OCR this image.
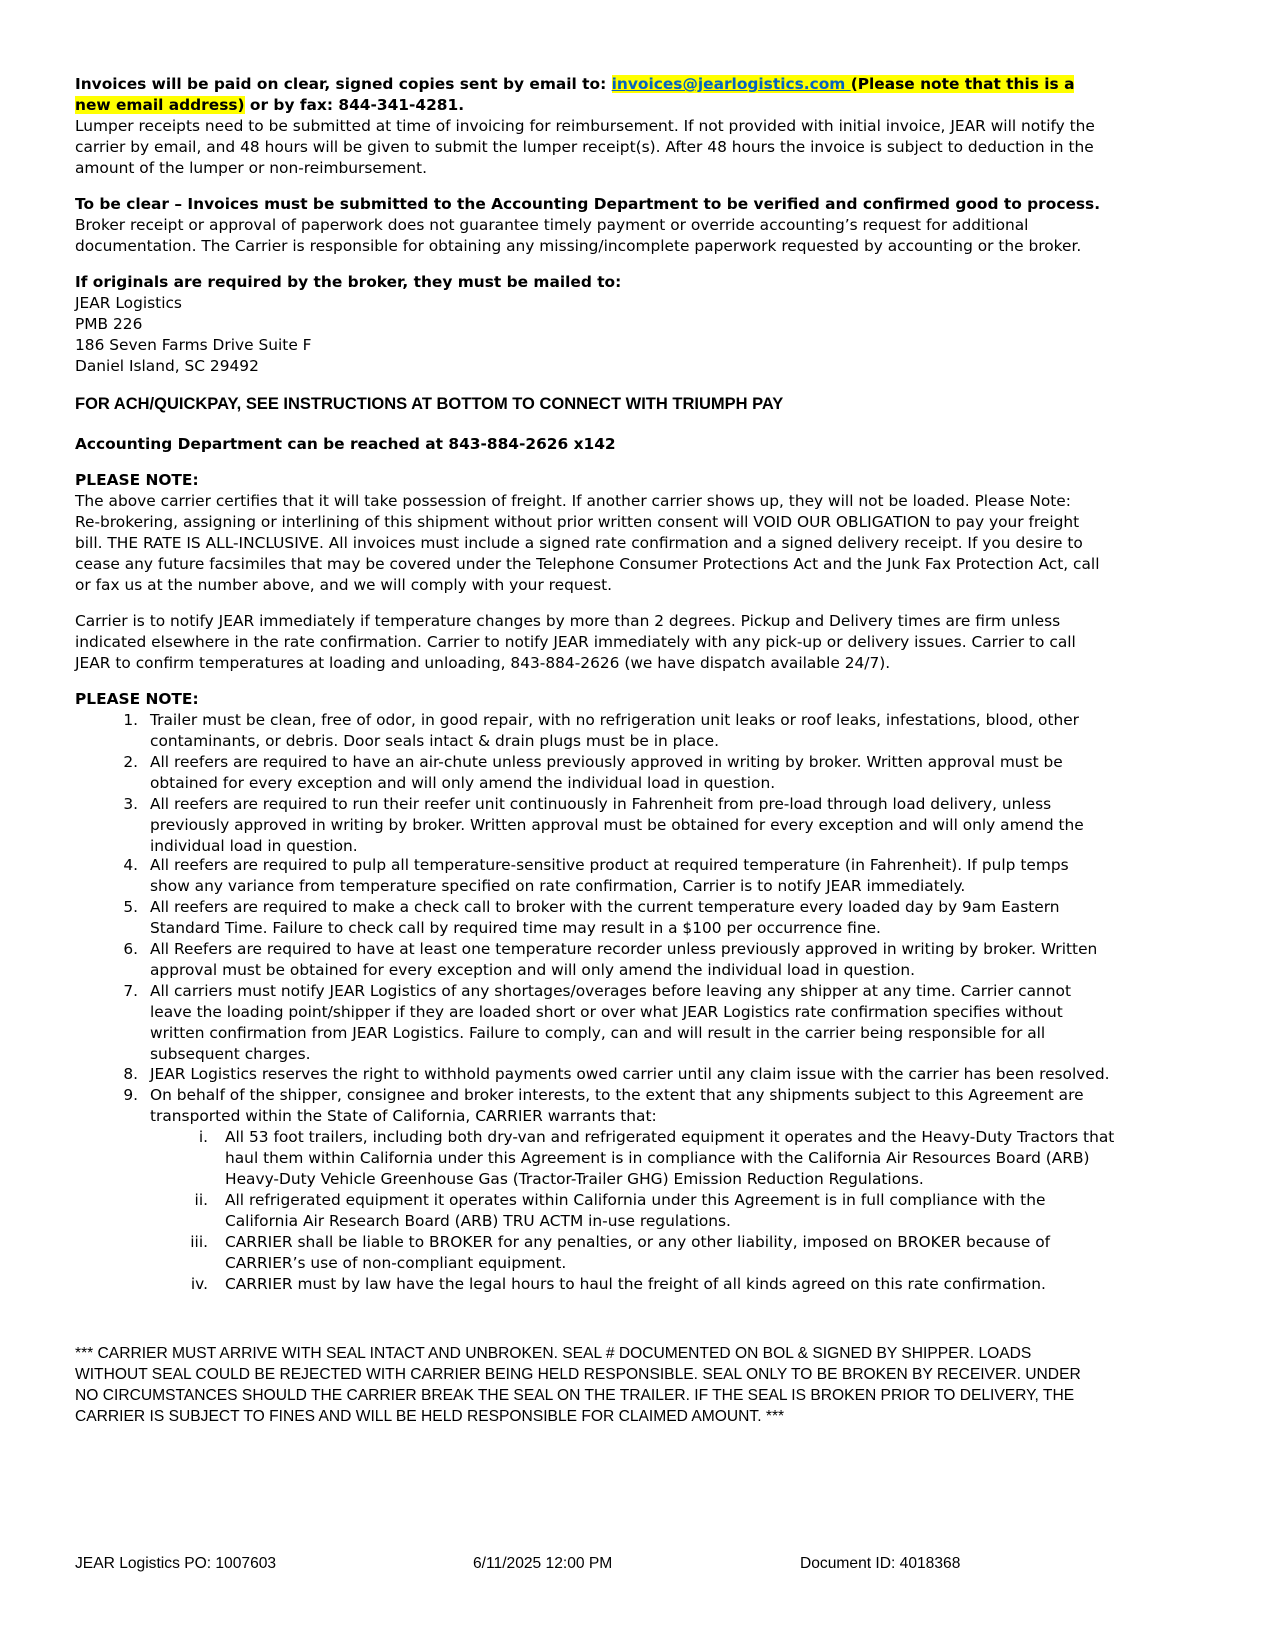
Invoices will be paid on clear, signed copies sent by email to: invoices@jearlogistics.com (Please note that this is a
new email address) or by fax: 844-341-4281.
Lumper receipts need to be submitted at time of invoicing for reimbursement. If not provided with initial invoice, JEAR will notify the
carrier by email, and 48 hours will be given to submit the lumper receipt(s). After 48 hours the invoice is subject to deduction in the
amount of the lumper or non-reimbursement.
To be clear – Invoices must be submitted to the Accounting Department to be verified and confirmed good to process.
Broker receipt or approval of paperwork does not guarantee timely payment or override accounting’s request for additional
documentation. The Carrier is responsible for obtaining any missing/incomplete paperwork requested by accounting or the broker.
If originals are required by the broker, they must be mailed to:
JEAR Logistics
PMB 226
186 Seven Farms Drive Suite F
Daniel Island, SC 29492
FOR ACH/QUICKPAY, SEE INSTRUCTIONS AT BOTTOM TO CONNECT WITH TRIUMPH PAY
Accounting Department can be reached at 843-884-2626 x142
PLEASE NOTE:
The above carrier certifies that it will take possession of freight. If another carrier shows up, they will not be loaded. Please Note:
Re-brokering, assigning or interlining of this shipment without prior written consent will VOID OUR OBLIGATION to pay your freight
bill. THE RATE IS ALL-INCLUSIVE. All invoices must include a signed rate confirmation and a signed delivery receipt. If you desire to
cease any future facsimiles that may be covered under the Telephone Consumer Protections Act and the Junk Fax Protection Act, call
or fax us at the number above, and we will comply with your request.
Carrier is to notify JEAR immediately if temperature changes by more than 2 degrees. Pickup and Delivery times are firm unless
indicated elsewhere in the rate confirmation. Carrier to notify JEAR immediately with any pick-up or delivery issues. Carrier to call
JEAR to confirm temperatures at loading and unloading, 843-884-2626 (we have dispatch available 24/7).
PLEASE NOTE:
1. Trailer must be clean, free of odor, in good repair, with no refrigeration unit leaks or roof leaks, infestations, blood, other
contaminants, or debris. Door seals intact & drain plugs must be in place.
2. All reefers are required to have an air-chute unless previously approved in writing by broker. Written approval must be
obtained for every exception and will only amend the individual load in question.
3. All reefers are required to run their reefer unit continuously in Fahrenheit from pre-load through load delivery, unless
previously approved in writing by broker. Written approval must be obtained for every exception and will only amend the
individual load in question.
4. All reefers are required to pulp all temperature-sensitive product at required temperature (in Fahrenheit). If pulp temps
show any variance from temperature specified on rate confirmation, Carrier is to notify JEAR immediately.
5. All reefers are required to make a check call to broker with the current temperature every loaded day by 9am Eastern
Standard Time. Failure to check call by required time may result in a $100 per occurrence fine.
6. All Reefers are required to have at least one temperature recorder unless previously approved in writing by broker. Written
approval must be obtained for every exception and will only amend the individual load in question.
7. All carriers must notify JEAR Logistics of any shortages/overages before leaving any shipper at any time. Carrier cannot
leave the loading point/shipper if they are loaded short or over what JEAR Logistics rate confirmation specifies without
written confirmation from JEAR Logistics. Failure to comply, can and will result in the carrier being responsible for all
subsequent charges.
8. JEAR Logistics reserves the right to withhold payments owed carrier until any claim issue with the carrier has been resolved.
9. On behalf of the shipper, consignee and broker interests, to the extent that any shipments subject to this Agreement are
transported within the State of California, CARRIER warrants that:
i. All 53 foot trailers, including both dry-van and refrigerated equipment it operates and the Heavy-Duty Tractors that
haul them within California under this Agreement is in compliance with the California Air Resources Board (ARB)
Heavy-Duty Vehicle Greenhouse Gas (Tractor-Trailer GHG) Emission Reduction Regulations.
ii. All refrigerated equipment it operates within California under this Agreement is in full compliance with the
California Air Research Board (ARB) TRU ACTM in-use regulations.
iii. CARRIER shall be liable to BROKER for any penalties, or any other liability, imposed on BROKER because of
CARRIER’s use of non-compliant equipment.
iv. CARRIER must by law have the legal hours to haul the freight of all kinds agreed on this rate confirmation.
*** CARRIER MUST ARRIVE WITH SEAL INTACT AND UNBROKEN. SEAL # DOCUMENTED ON BOL & SIGNED BY SHIPPER. LOADS
WITHOUT SEAL COULD BE REJECTED WITH CARRIER BEING HELD RESPONSIBLE. SEAL ONLY TO BE BROKEN BY RECEIVER. UNDER
NO CIRCUMSTANCES SHOULD THE CARRIER BREAK THE SEAL ON THE TRAILER. IF THE SEAL IS BROKEN PRIOR TO DELIVERY, THE
CARRIER IS SUBJECT TO FINES AND WILL BE HELD RESPONSIBLE FOR CLAIMED AMOUNT. ***
JEAR Logistics PO: 1007603	6/11/2025 12:00 PM	Document ID: 4018368
